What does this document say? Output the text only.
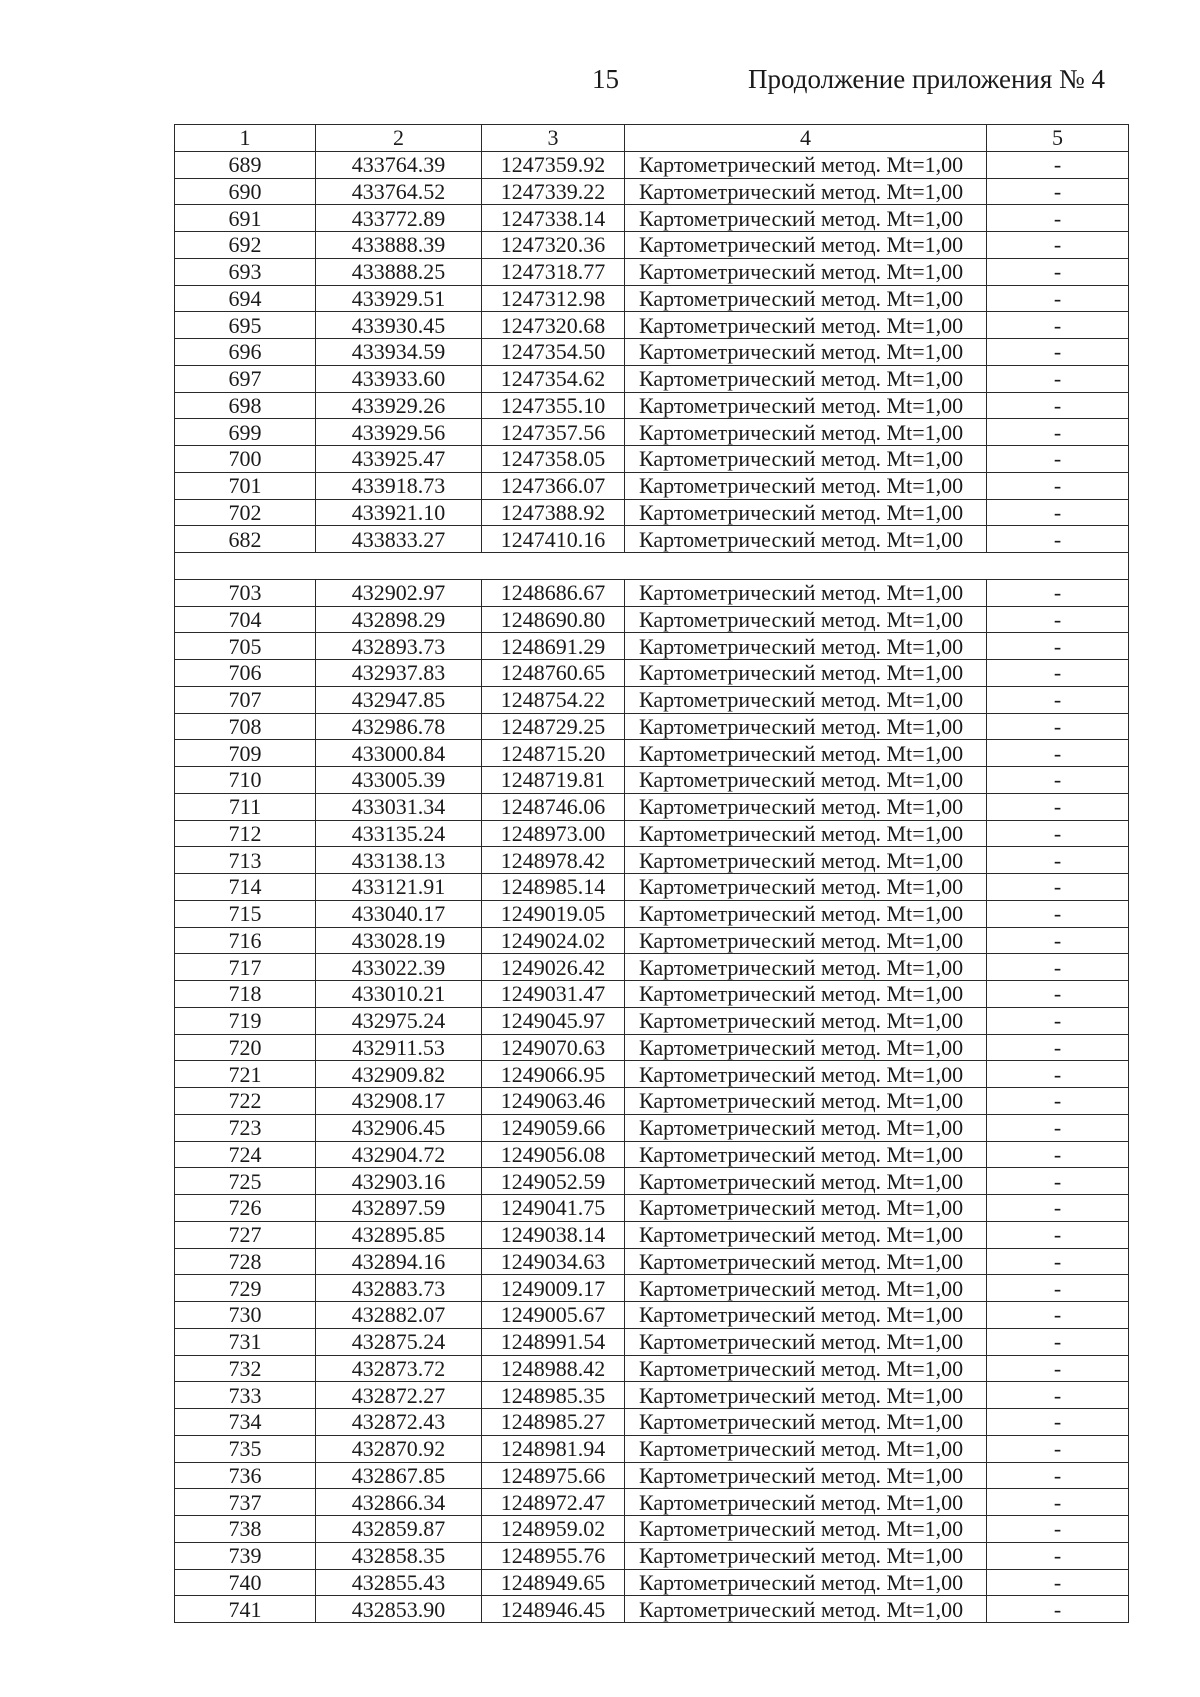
15	Продолжение приложения № 4
1	2	3	4	5
689	433764.39	1247359.92	Картометрический метод. Mt=1,00	-
690	433764.52	1247339.22	Картометрический метод. Mt=1,00	-
691	433772.89	1247338.14	Картометрический метод. Mt=1,00	-
692	433888.39	1247320.36	Картометрический метод. Mt=1,00	-
693	433888.25	1247318.77	Картометрический метод. Mt=1,00	-
694	433929.51	1247312.98	Картометрический метод. Mt=1,00	-
695	433930.45	1247320.68	Картометрический метод. Mt=1,00	-
696	433934.59	1247354.50	Картометрический метод. Mt=1,00	-
697	433933.60	1247354.62	Картометрический метод. Mt=1,00	-
698	433929.26	1247355.10	Картометрический метод. Mt=1,00	-
699	433929.56	1247357.56	Картометрический метод. Mt=1,00	-
700	433925.47	1247358.05	Картометрический метод. Mt=1,00	-
701	433918.73	1247366.07	Картометрический метод. Mt=1,00	-
702	433921.10	1247388.92	Картометрический метод. Mt=1,00	-
682	433833.27	1247410.16	Картометрический метод. Mt=1,00	-

703	432902.97	1248686.67	Картометрический метод. Mt=1,00	-
704	432898.29	1248690.80	Картометрический метод. Mt=1,00	-
705	432893.73	1248691.29	Картометрический метод. Mt=1,00	-
706	432937.83	1248760.65	Картометрический метод. Mt=1,00	-
707	432947.85	1248754.22	Картометрический метод. Mt=1,00	-
708	432986.78	1248729.25	Картометрический метод. Mt=1,00	-
709	433000.84	1248715.20	Картометрический метод. Mt=1,00	-
710	433005.39	1248719.81	Картометрический метод. Mt=1,00	-
711	433031.34	1248746.06	Картометрический метод. Mt=1,00	-
712	433135.24	1248973.00	Картометрический метод. Mt=1,00	-
713	433138.13	1248978.42	Картометрический метод. Mt=1,00	-
714	433121.91	1248985.14	Картометрический метод. Mt=1,00	-
715	433040.17	1249019.05	Картометрический метод. Mt=1,00	-
716	433028.19	1249024.02	Картометрический метод. Mt=1,00	-
717	433022.39	1249026.42	Картометрический метод. Mt=1,00	-
718	433010.21	1249031.47	Картометрический метод. Mt=1,00	-
719	432975.24	1249045.97	Картометрический метод. Mt=1,00	-
720	432911.53	1249070.63	Картометрический метод. Mt=1,00	-
721	432909.82	1249066.95	Картометрический метод. Mt=1,00	-
722	432908.17	1249063.46	Картометрический метод. Mt=1,00	-
723	432906.45	1249059.66	Картометрический метод. Mt=1,00	-
724	432904.72	1249056.08	Картометрический метод. Mt=1,00	-
725	432903.16	1249052.59	Картометрический метод. Mt=1,00	-
726	432897.59	1249041.75	Картометрический метод. Mt=1,00	-
727	432895.85	1249038.14	Картометрический метод. Mt=1,00	-
728	432894.16	1249034.63	Картометрический метод. Mt=1,00	-
729	432883.73	1249009.17	Картометрический метод. Mt=1,00	-
730	432882.07	1249005.67	Картометрический метод. Mt=1,00	-
731	432875.24	1248991.54	Картометрический метод. Mt=1,00	-
732	432873.72	1248988.42	Картометрический метод. Mt=1,00	-
733	432872.27	1248985.35	Картометрический метод. Mt=1,00	-
734	432872.43	1248985.27	Картометрический метод. Mt=1,00	-
735	432870.92	1248981.94	Картометрический метод. Mt=1,00	-
736	432867.85	1248975.66	Картометрический метод. Mt=1,00	-
737	432866.34	1248972.47	Картометрический метод. Mt=1,00	-
738	432859.87	1248959.02	Картометрический метод. Mt=1,00	-
739	432858.35	1248955.76	Картометрический метод. Mt=1,00	-
740	432855.43	1248949.65	Картометрический метод. Mt=1,00	-
741	432853.90	1248946.45	Картометрический метод. Mt=1,00	-
